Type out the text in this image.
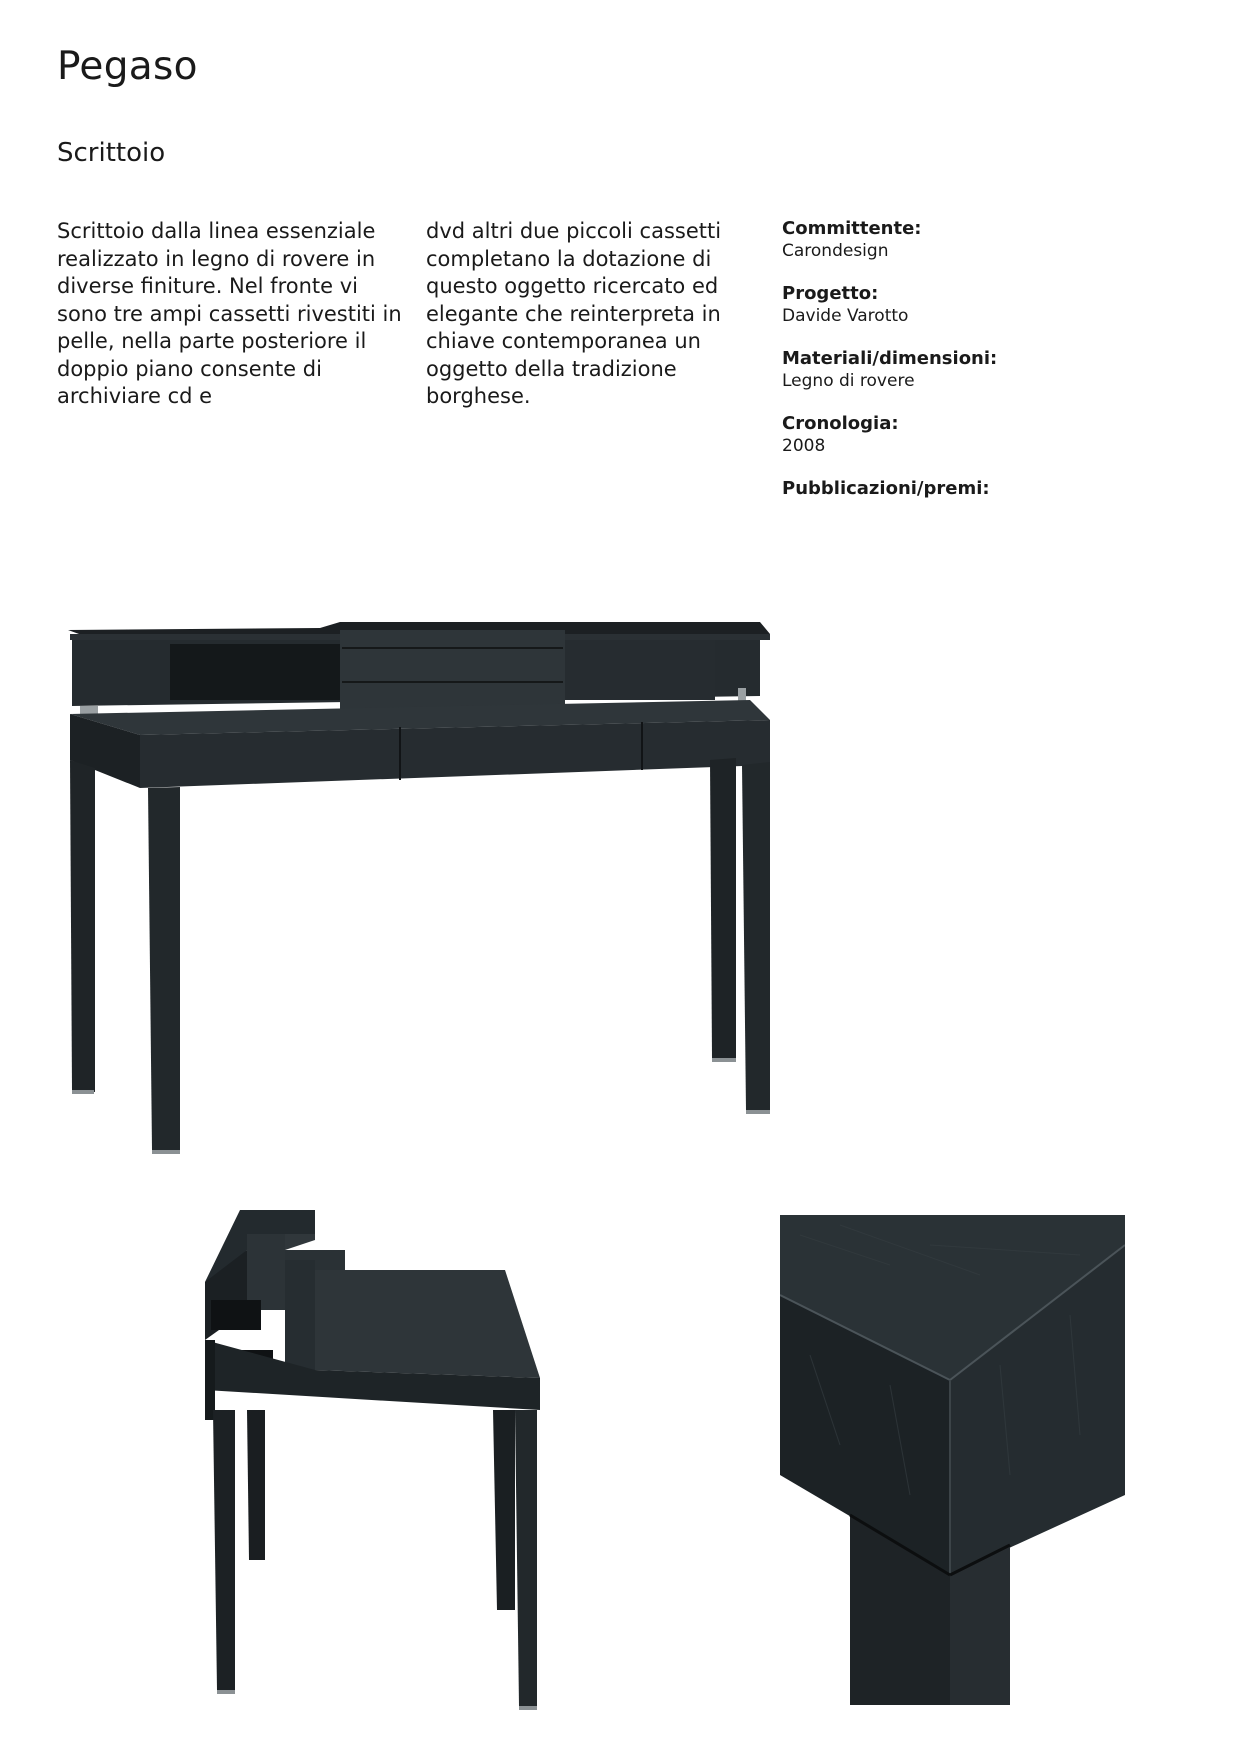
Pegaso
Scrittoio

Scrittoio dalla linea essenziale realizzato in legno di rovere in diverse finiture. Nel fronte vi sono tre ampi cassetti rivestiti in pelle, nella parte posteriore il doppio piano consente di archiviare cd e

dvd altri due piccoli cassetti completano la dotazione di questo oggetto ricercato ed elegante che reinterpreta in chiave contemporanea un oggetto della tradizione borghese.

Committente:
Carondesign
Progetto:
Davide Varotto
Materiali/dimensioni:
Legno di rovere
Cronologia:
2008
Pubblicazioni/premi:
